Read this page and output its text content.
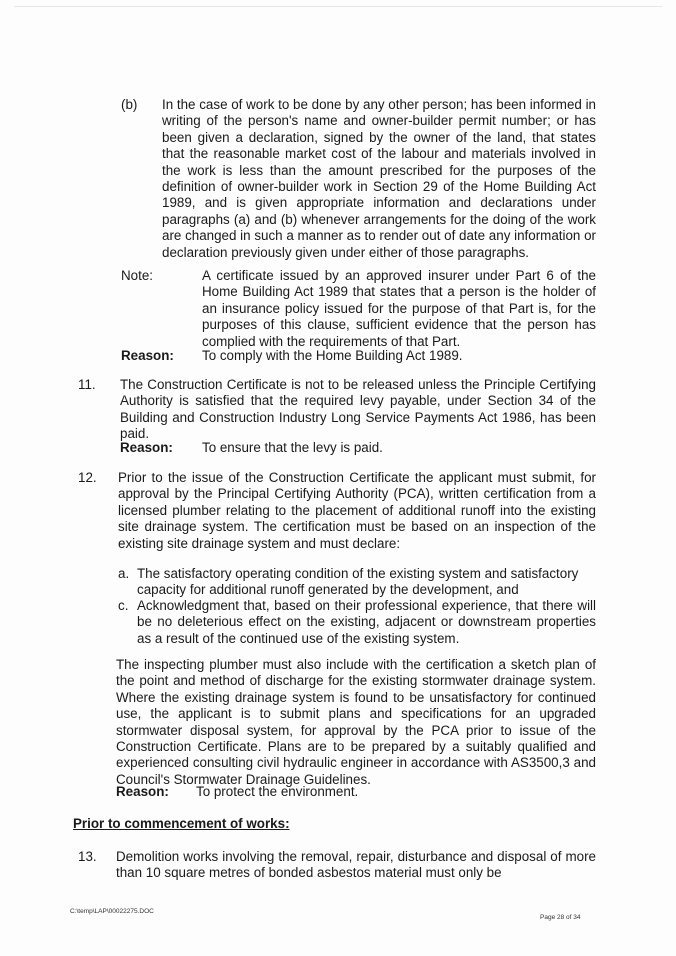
(b) In the case of work to be done by any other person; has been informed in writing of the person's name and owner-builder permit number; or has been given a declaration, signed by the owner of the land, that states that the reasonable market cost of the labour and materials involved in the work is less than the amount prescribed for the purposes of the definition of owner-builder work in Section 29 of the Home Building Act 1989, and is given appropriate information and declarations under paragraphs (a) and (b) whenever arrangements for the doing of the work are changed in such a manner as to render out of date any information or declaration previously given under either of those paragraphs.
Note:	A certificate issued by an approved insurer under Part 6 of the Home Building Act 1989 that states that a person is the holder of an insurance policy issued for the purpose of that Part is, for the purposes of this clause, sufficient evidence that the person has complied with the requirements of that Part.
Reason: To comply with the Home Building Act 1989.
11. The Construction Certificate is not to be released unless the Principle Certifying Authority is satisfied that the required levy payable, under Section 34 of the Building and Construction Industry Long Service Payments Act 1986, has been paid.
Reason: To ensure that the levy is paid.
12. Prior to the issue of the Construction Certificate the applicant must submit, for approval by the Principal Certifying Authority (PCA), written certification from a licensed plumber relating to the placement of additional runoff into the existing site drainage system. The certification must be based on an inspection of the existing site drainage system and must declare:
a. The satisfactory operating condition of the existing system and satisfactory capacity for additional runoff generated by the development, and
c. Acknowledgment that, based on their professional experience, that there will be no deleterious effect on the existing, adjacent or downstream properties as a result of the continued use of the existing system.
The inspecting plumber must also include with the certification a sketch plan of the point and method of discharge for the existing stormwater drainage system. Where the existing drainage system is found to be unsatisfactory for continued use, the applicant is to submit plans and specifications for an upgraded stormwater disposal system, for approval by the PCA prior to issue of the Construction Certificate. Plans are to be prepared by a suitably qualified and experienced consulting civil hydraulic engineer in accordance with AS3500,3 and Council's Stormwater Drainage Guidelines.
Reason: To protect the environment.
Prior to commencement of works:
13. Demolition works involving the removal, repair, disturbance and disposal of more than 10 square metres of bonded asbestos material must only be
C:\temp\LAP\00022275.DOC
Page 28 of 34
